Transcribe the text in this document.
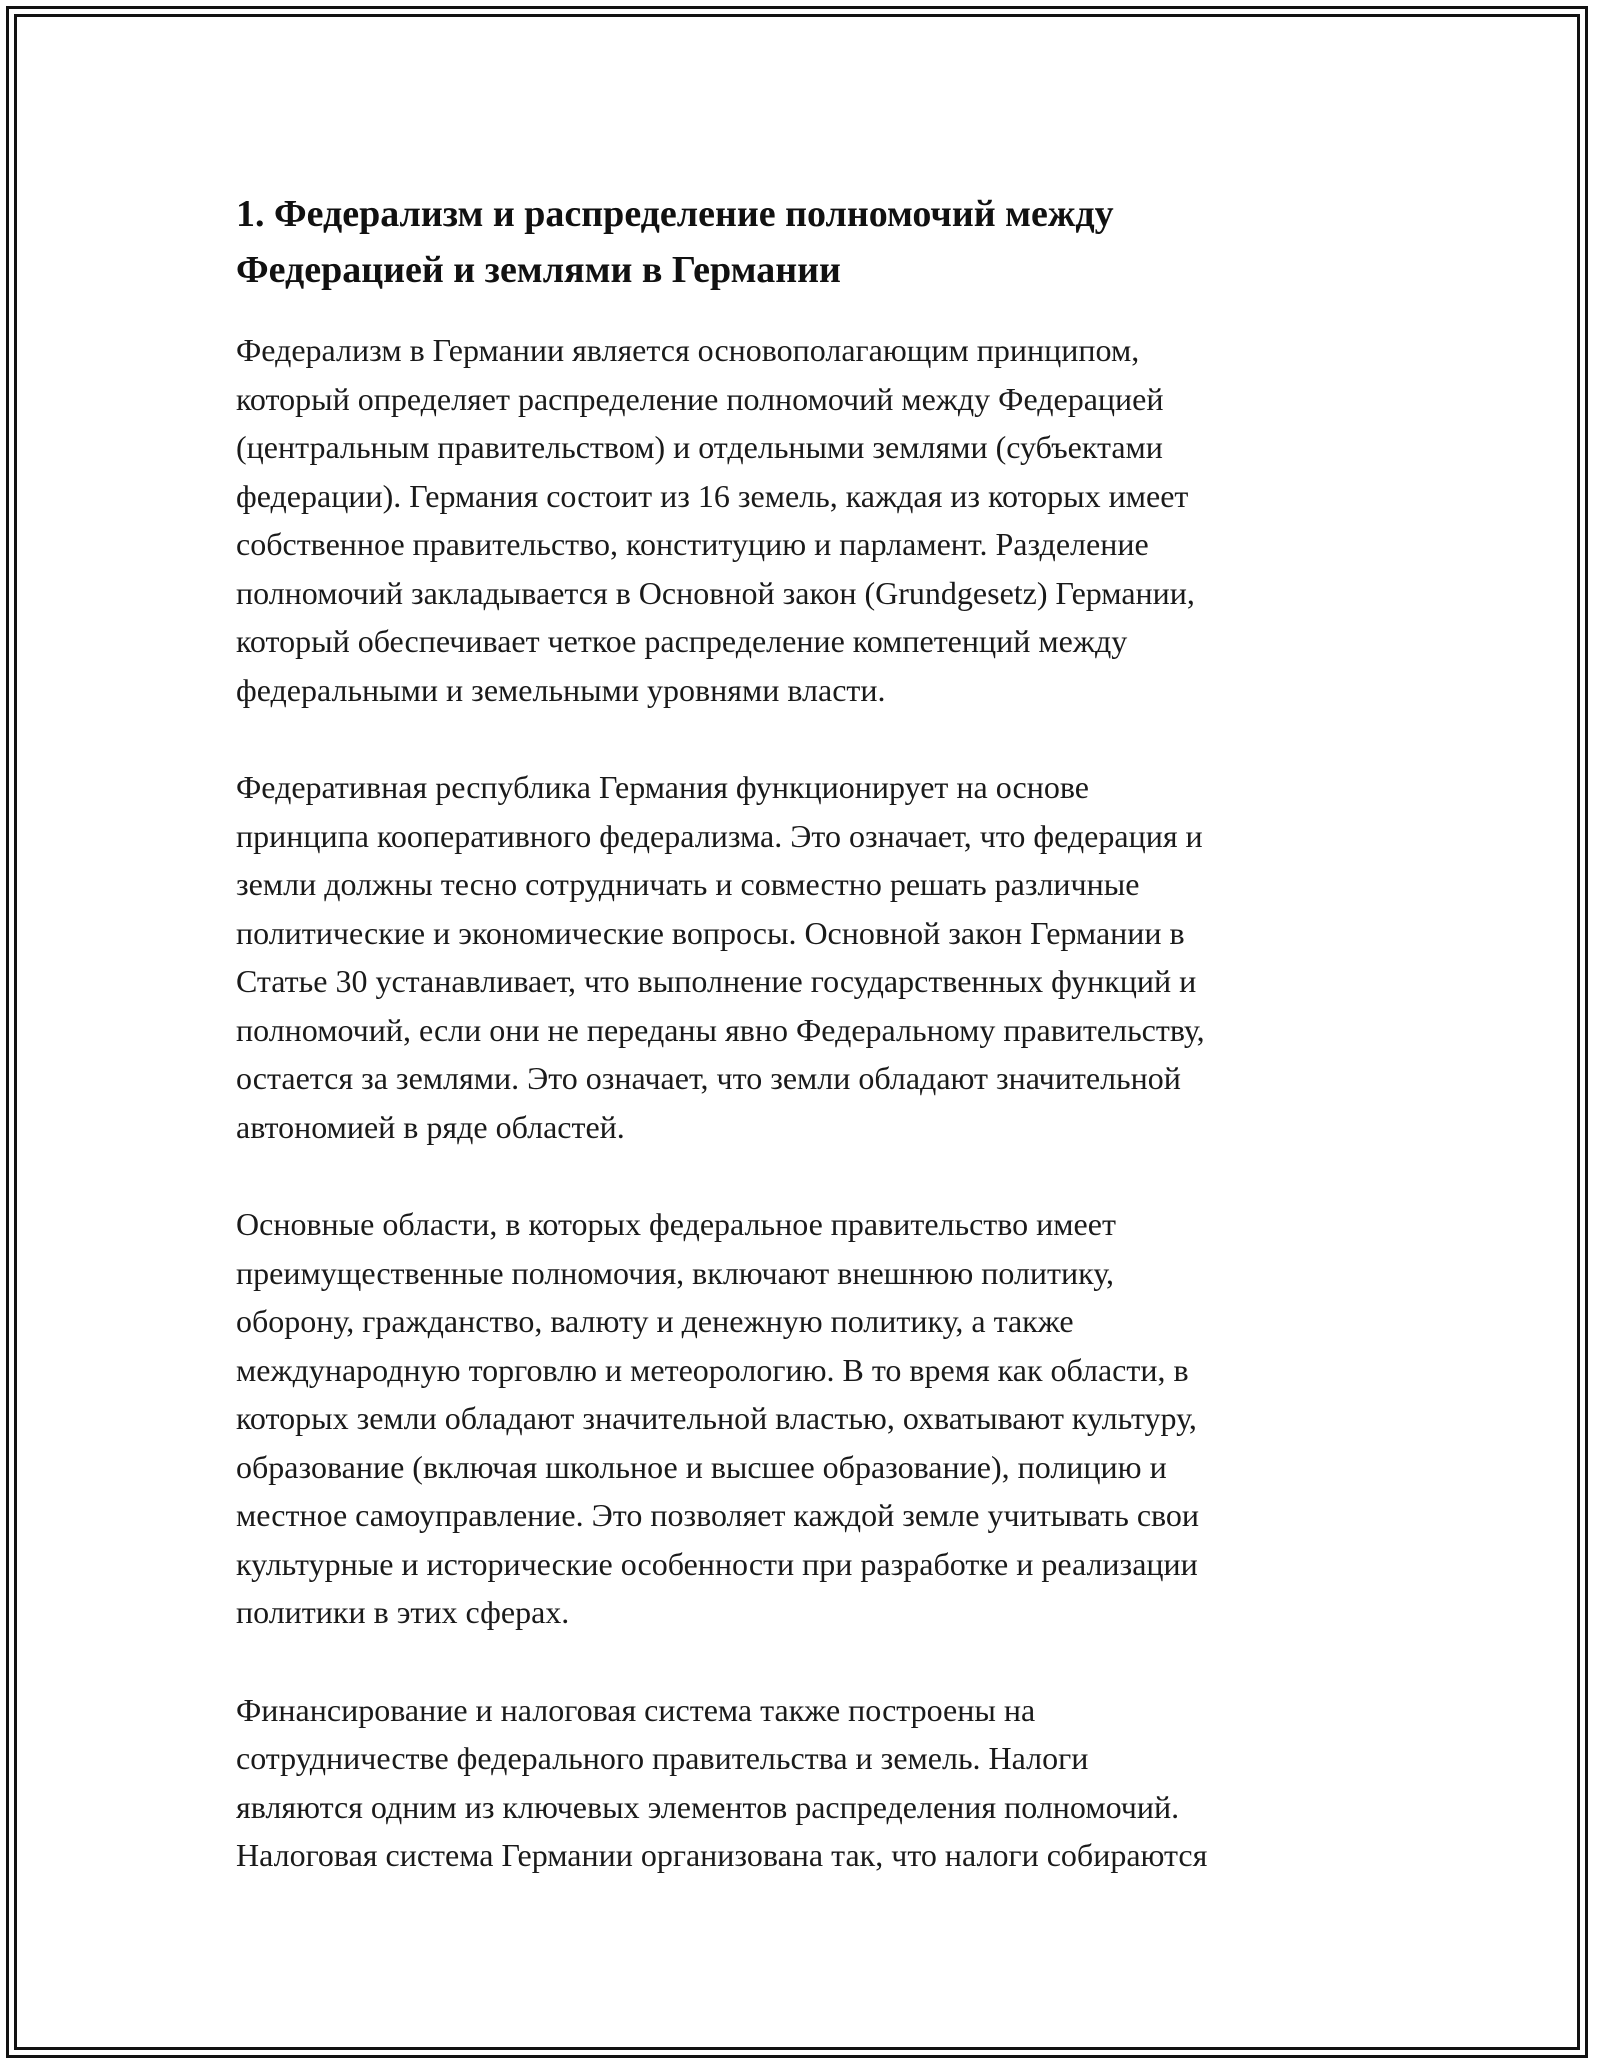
1. Федерализм и распределение полномочий между
Федерацией и землями в Германии

Федерализм в Германии является основополагающим принципом,
который определяет распределение полномочий между Федерацией
(центральным правительством) и отдельными землями (субъектами
федерации). Германия состоит из 16 земель, каждая из которых имеет
собственное правительство, конституцию и парламент. Разделение
полномочий закладывается в Основной закон (Grundgesetz) Германии,
который обеспечивает четкое распределение компетенций между
федеральными и земельными уровнями власти.

Федеративная республика Германия функционирует на основе
принципа кооперативного федерализма. Это означает, что федерация и
земли должны тесно сотрудничать и совместно решать различные
политические и экономические вопросы. Основной закон Германии в
Статье 30 устанавливает, что выполнение государственных функций и
полномочий, если они не переданы явно Федеральному правительству,
остается за землями. Это означает, что земли обладают значительной
автономией в ряде областей.

Основные области, в которых федеральное правительство имеет
преимущественные полномочия, включают внешнюю политику,
оборону, гражданство, валюту и денежную политику, а также
международную торговлю и метеорологию. В то время как области, в
которых земли обладают значительной властью, охватывают культуру,
образование (включая школьное и высшее образование), полицию и
местное самоуправление. Это позволяет каждой земле учитывать свои
культурные и исторические особенности при разработке и реализации
политики в этих сферах.

Финансирование и налоговая система также построены на
сотрудничестве федерального правительства и земель. Налоги
являются одним из ключевых элементов распределения полномочий.
Налоговая система Германии организована так, что налоги собираются
